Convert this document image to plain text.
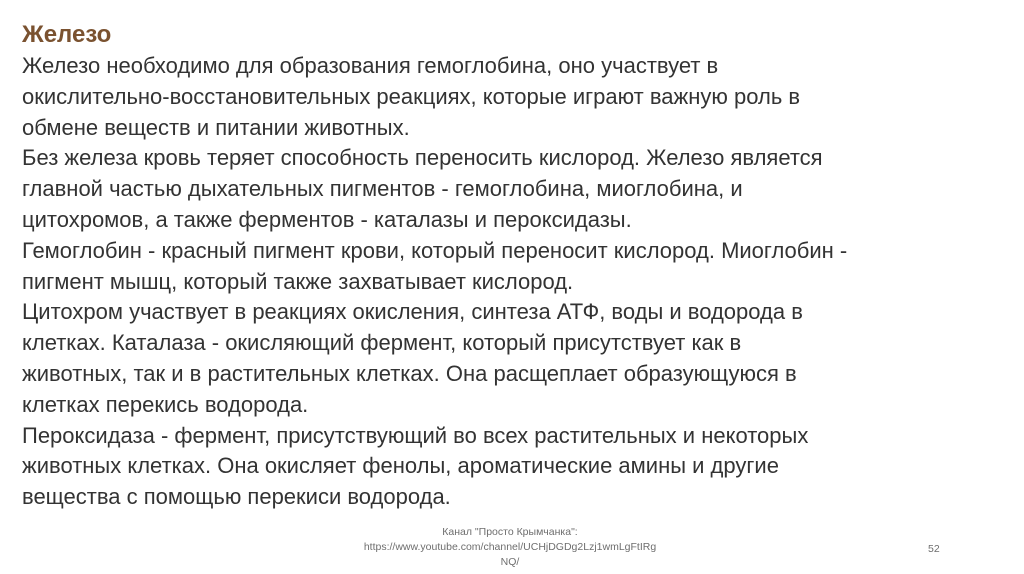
Железо
Железо необходимо для образования гемоглобина, оно участвует в
окислительно-восстановительных реакциях, которые играют важную роль в
обмене веществ и питании животных.
Без железа кровь теряет способность переносить кислород. Железо является
главной частью дыхательных пигментов - гемоглобина, миоглобина, и
цитохромов, а также ферментов - каталазы и пероксидазы.
Гемоглобин - красный пигмент крови, который переносит кислород. Миоглобин -
пигмент мышц, который также захватывает кислород.
Цитохром участвует в реакциях окисления, синтеза АТФ, воды и водорода в
клетках. Каталаза - окисляющий фермент, который присутствует как в
животных, так и в растительных клетках. Она расщеплает образующуюся в
клетках перекись водорода.
Пероксидаза - фермент, присутствующий во всех растительных и некоторых
животных клетках. Она окисляет фенолы, ароматические амины и другие
вещества с помощью перекиси водорода.
Канал "Просто Крымчанка":
https://www.youtube.com/channel/UCHjDGDg2Lzj1wmLgFtIRg
NQ/
52
